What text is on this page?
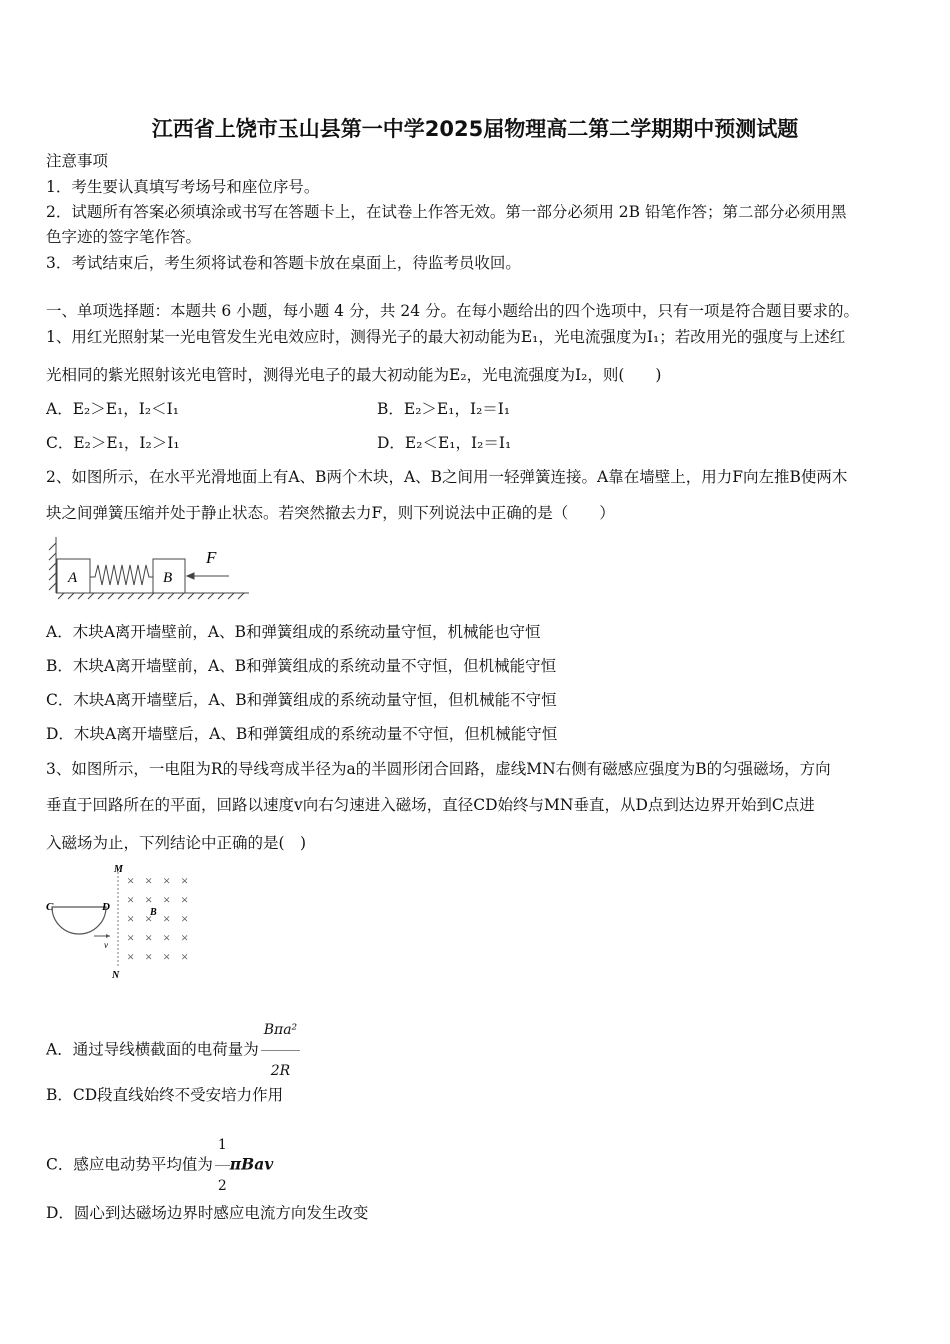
江西省上饶市玉山县第一中学2025届物理高二第二学期期中预测试题
注意事项
1．考生要认真填写考场号和座位序号。
2．试题所有答案必须填涂或书写在答题卡上，在试卷上作答无效。第一部分必须用 2B 铅笔作答；第二部分必须用黑
色字迹的签字笔作答。
3．考试结束后，考生须将试卷和答题卡放在桌面上，待监考员收回。
一、单项选择题：本题共 6 小题，每小题 4 分，共 24 分。在每小题给出的四个选项中，只有一项是符合题目要求的。
1、用红光照射某一光电管发生光电效应时，测得光子的最大初动能为E₁，光电流强度为I₁；若改用光的强度与上述红
光相同的紫光照射该光电管时，测得光电子的最大初动能为E₂，光电流强度为I₂，则(　　)
A．E₂＞E₁，I₂＜I₁	B．E₂＞E₁，I₂＝I₁
C．E₂＞E₁，I₂＞I₁	D．E₂＜E₁，I₂＝I₁
2、如图所示，在水平光滑地面上有A、B两个木块，A、B之间用一轻弹簧连接。A靠在墙壁上，用力F向左推B使两木
块之间弹簧压缩并处于静止状态。若突然撤去力F，则下列说法中正确的是（　　）
A	B
F
A．木块A离开墙壁前，A、B和弹簧组成的系统动量守恒，机械能也守恒
B．木块A离开墙壁前，A、B和弹簧组成的系统动量不守恒，但机械能守恒
C．木块A离开墙壁后，A、B和弹簧组成的系统动量守恒，但机械能不守恒
D．木块A离开墙壁后，A、B和弹簧组成的系统动量不守恒，但机械能守恒
3、如图所示，一电阻为R的导线弯成半径为a的半圆形闭合回路，虚线MN右侧有磁感应强度为B的匀强磁场，方向
垂直于回路所在的平面，回路以速度v向右匀速进入磁场，直径CD始终与MN垂直，从D点到达边界开始到C点进
入磁场为止，下列结论中正确的是(　)
× × × ×
× × × ×
× × × ×
× × × ×
× × × ×
M
N
C	D	B
v
A．通过导线横截面的电荷量为 $\frac{\text{Bπa²}}{2R}$
B．CD段直线始终不受安培力作用
C．感应电动势平均值为 $\frac{1}{2}$ πBav
D．圆心到达磁场边界时感应电流方向发生改变
